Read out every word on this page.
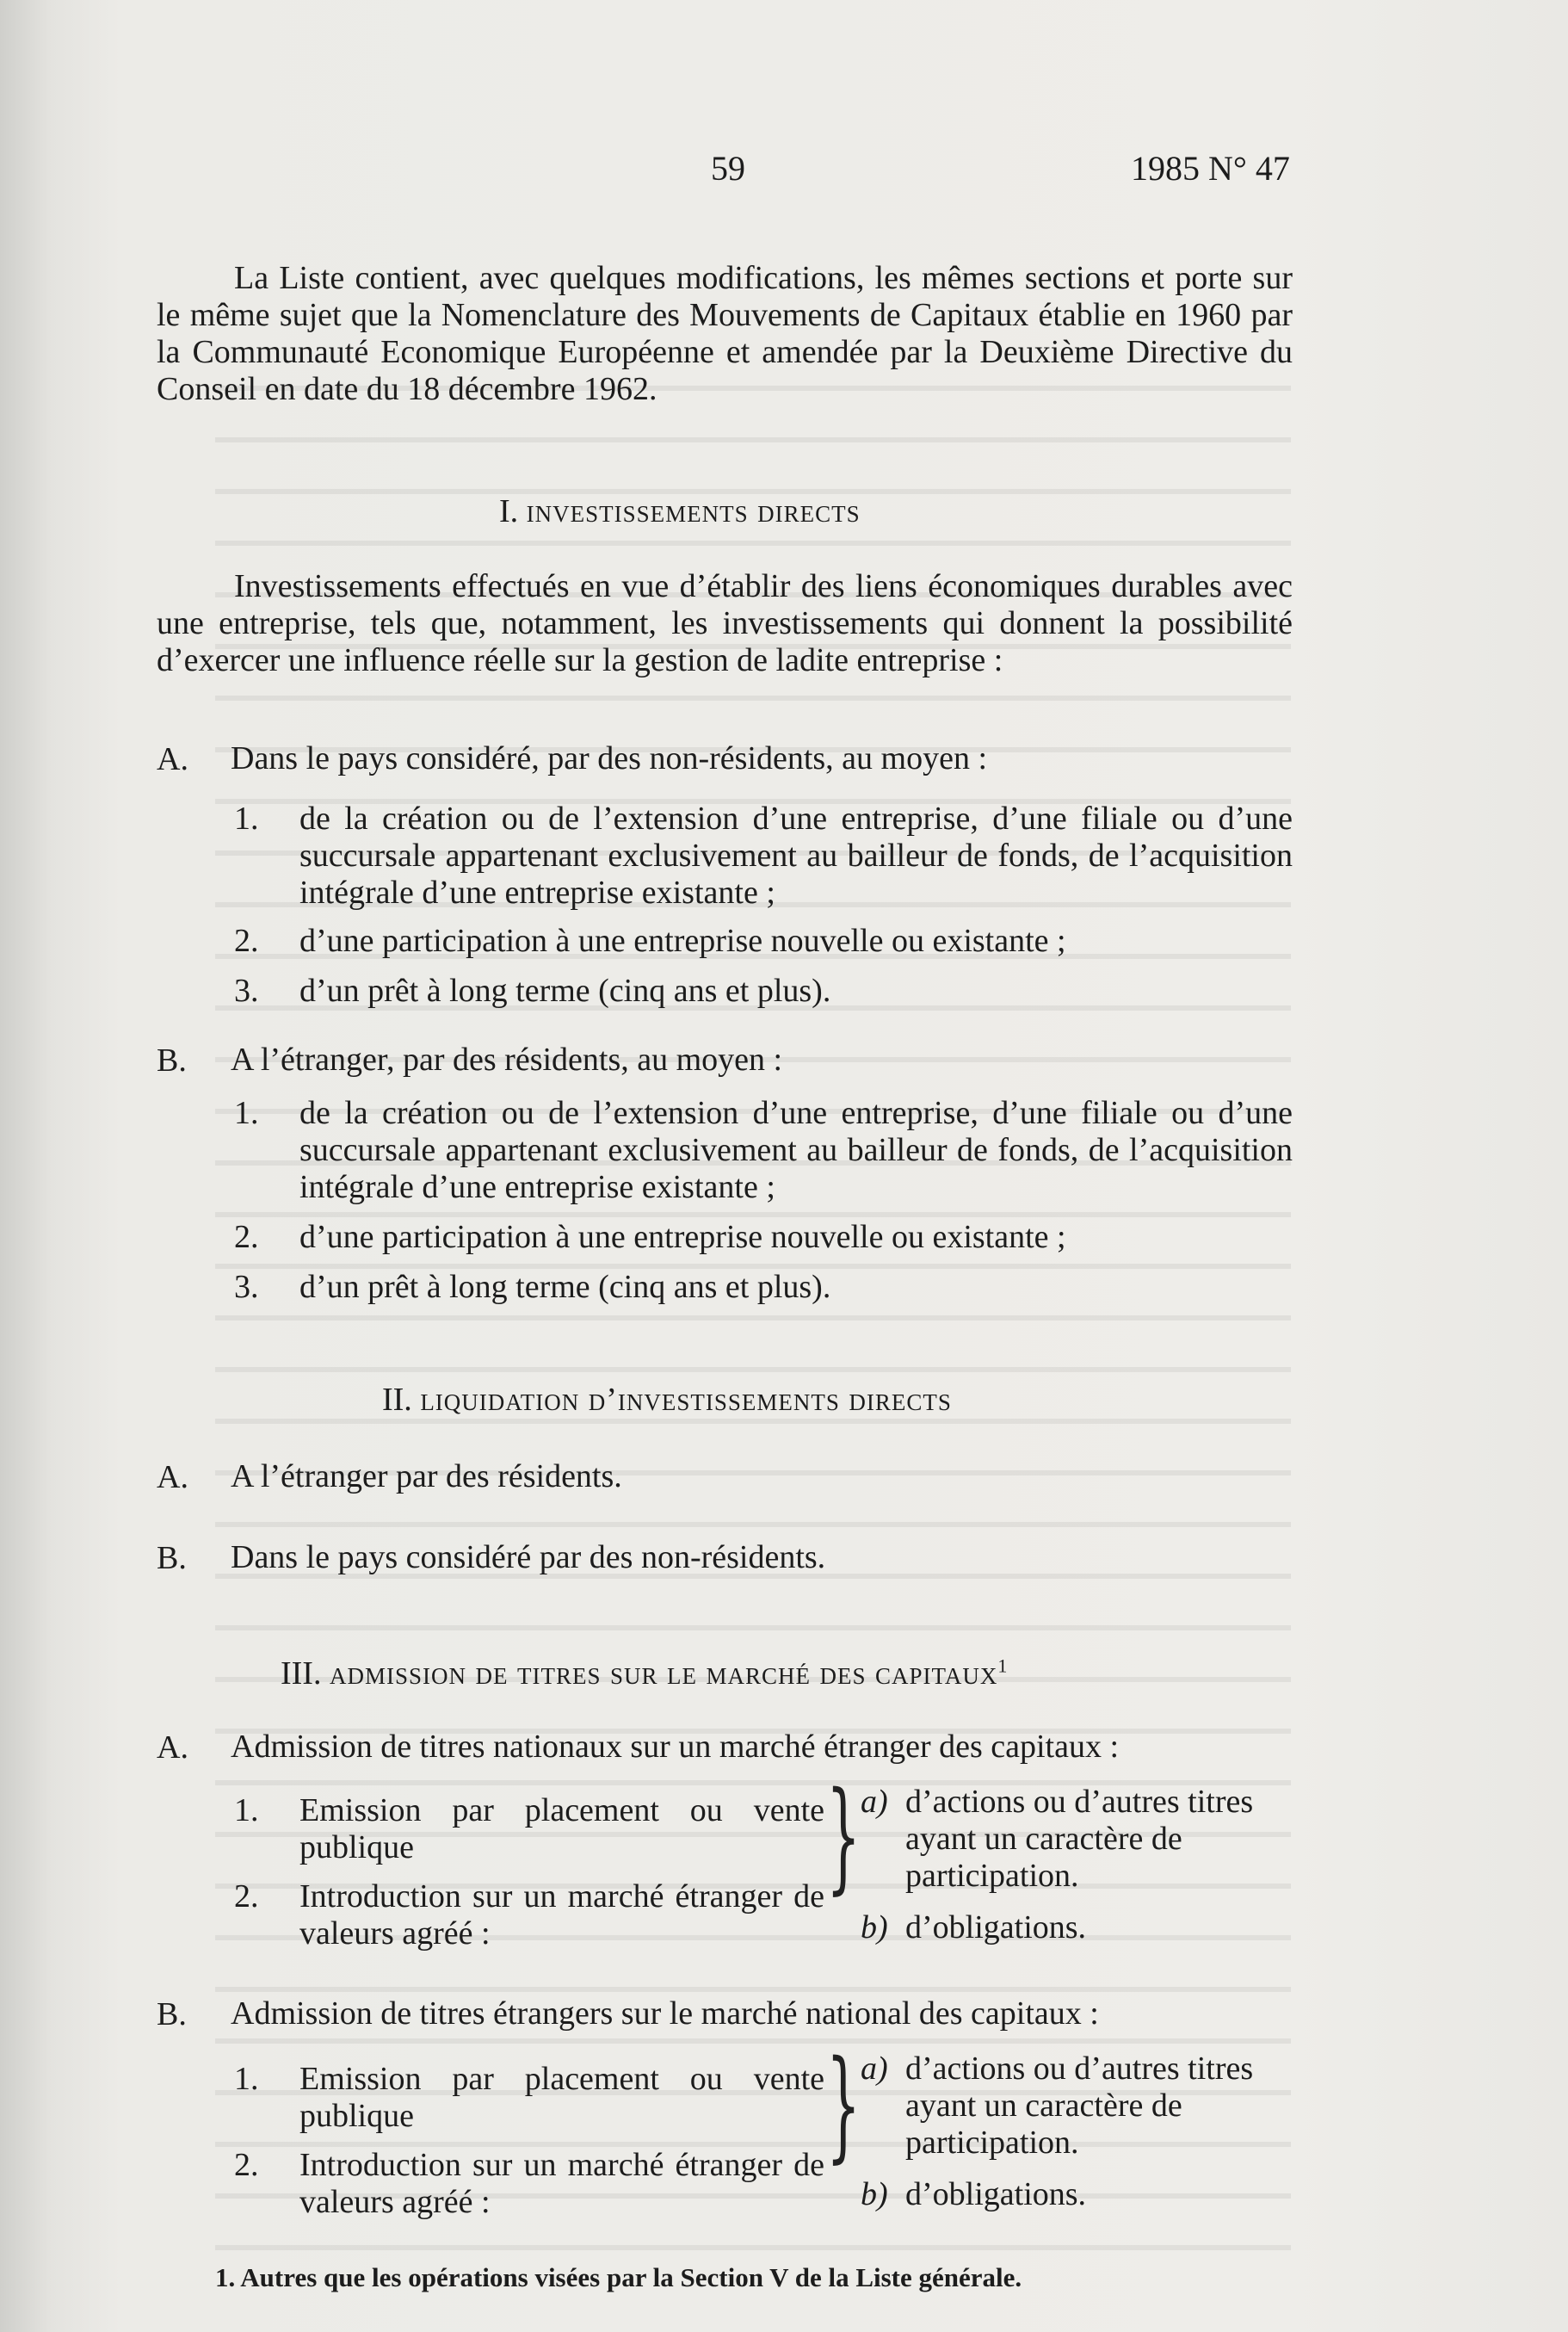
59	1985 N° 47
La Liste contient, avec quelques modifications, les mêmes sections et porte sur le même sujet que la Nomenclature des Mouvements de Capitaux établie en 1960 par la Communauté Economique Européenne et amendée par la Deuxième Directive du Conseil en date du 18 décembre 1962.
I. investissements directs
Investissements effectués en vue d’établir des liens économiques durables avec une entreprise, tels que, notamment, les investissements qui donnent la possibilité d’exercer une influence réelle sur la gestion de ladite entreprise :
A. Dans le pays considéré, par des non-résidents, au moyen :
1. de la création ou de l’extension d’une entreprise, d’une filiale ou d’une succursale appartenant exclusivement au bailleur de fonds, de l’acquisition intégrale d’une entreprise existante ;
2. d’une participation à une entreprise nouvelle ou existante ;
3. d’un prêt à long terme (cinq ans et plus).
B. A l’étranger, par des résidents, au moyen :
1. de la création ou de l’extension d’une entreprise, d’une filiale ou d’une succursale appartenant exclusivement au bailleur de fonds, de l’acquisition intégrale d’une entreprise existante ;
2. d’une participation à une entreprise nouvelle ou existante ;
3. d’un prêt à long terme (cinq ans et plus).
II. liquidation d’investissements directs
A. A l’étranger par des résidents.
B. Dans le pays considéré par des non-résidents.
III. admission de titres sur le marché des capitaux$^1$
A. Admission de titres nationaux sur un marché étranger des capitaux :
1. Emission par placement ou vente publique
2. Introduction sur un marché étranger de valeurs agréé :
} a) d’actions ou d’autres titres ayant un caractère de participation.
b) d’obligations.
B. Admission de titres étrangers sur le marché national des capitaux :
1. Emission par placement ou vente publique
2. Introduction sur un marché étranger de valeurs agréé :
} a) d’actions ou d’autres titres ayant un caractère de participation.
b) d’obligations.
1. Autres que les opérations visées par la Section V de la Liste générale.
